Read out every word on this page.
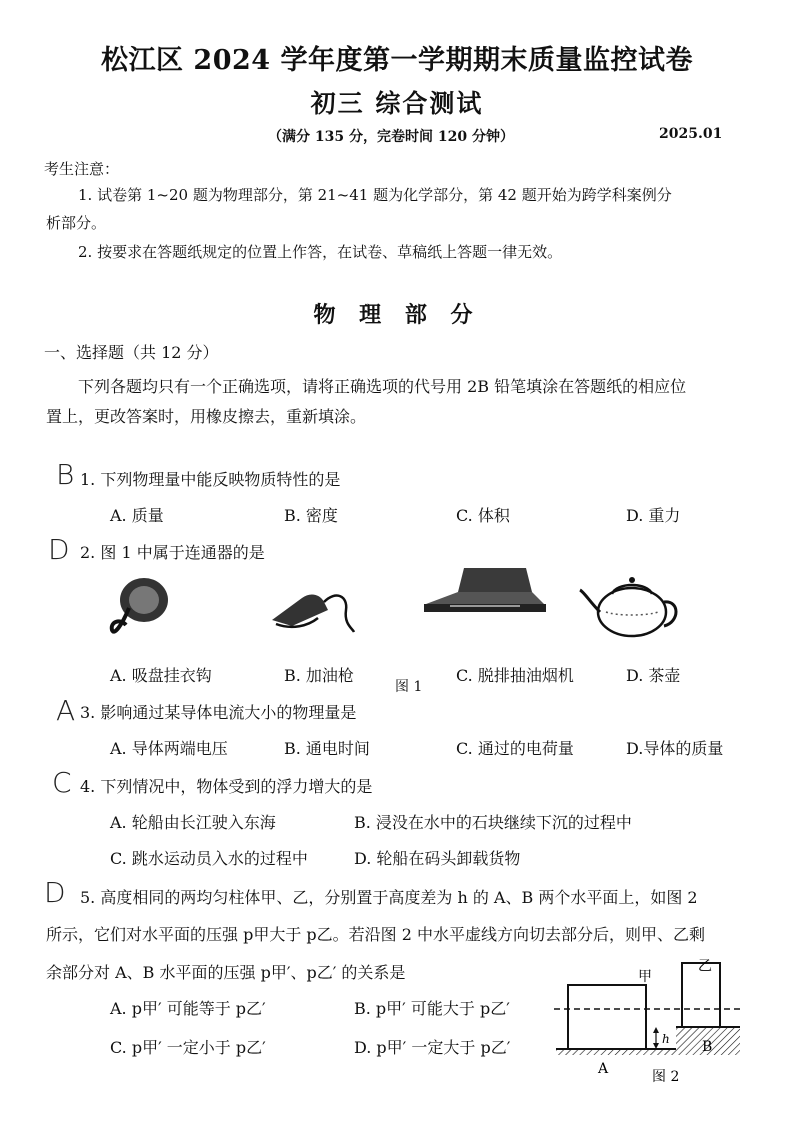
松江区 2024 学年度第一学期期末质量监控试卷
初三 综合测试
（满分 135 分，完卷时间 120 分钟）	2025.01
考生注意：
1. 试卷第 1~20 题为物理部分，第 21~41 题为化学部分，第 42 题开始为跨学科案例分
析部分。
2. 按要求在答题纸规定的位置上作答，在试卷、草稿纸上答题一律无效。
物 理 部 分
一、选择题（共 12 分）
下列各题均只有一个正确选项，请将正确选项的代号用 2B 铅笔填涂在答题纸的相应位
置上，更改答案时，用橡皮擦去，重新填涂。
B 1. 下列物理量中能反映物质特性的是
A. 质量	B. 密度	C. 体积	D. 重力
D 2. 图 1 中属于连通器的是
A. 吸盘挂衣钩	B. 加油枪
图 1
C. 脱排抽油烟机	D. 茶壶
A 3. 影响通过某导体电流大小的物理量是
A. 导体两端电压	B. 通电时间	C. 通过的电荷量	D.导体的质量
C 4. 下列情况中，物体受到的浮力增大的是
A. 轮船由长江驶入东海	B. 浸没在水中的石块继续下沉的过程中
C. 跳水运动员入水的过程中	D. 轮船在码头卸载货物
D 5. 高度相同的两均匀柱体甲、乙，分别置于高度差为 h 的 A、B 两个水平面上，如图 2
所示，它们对水平面的压强 p甲大于 p乙。若沿图 2 中水平虚线方向切去部分后，则甲、乙剩
余部分对 A、B 水平面的压强 p甲′、p乙′ 的关系是
A. p甲′ 可能等于 p乙′	B. p甲′ 可能大于 p乙′
C. p甲′ 一定小于 p乙′	D. p甲′ 一定大于 p乙′
甲
乙
h
A
B
图 2
